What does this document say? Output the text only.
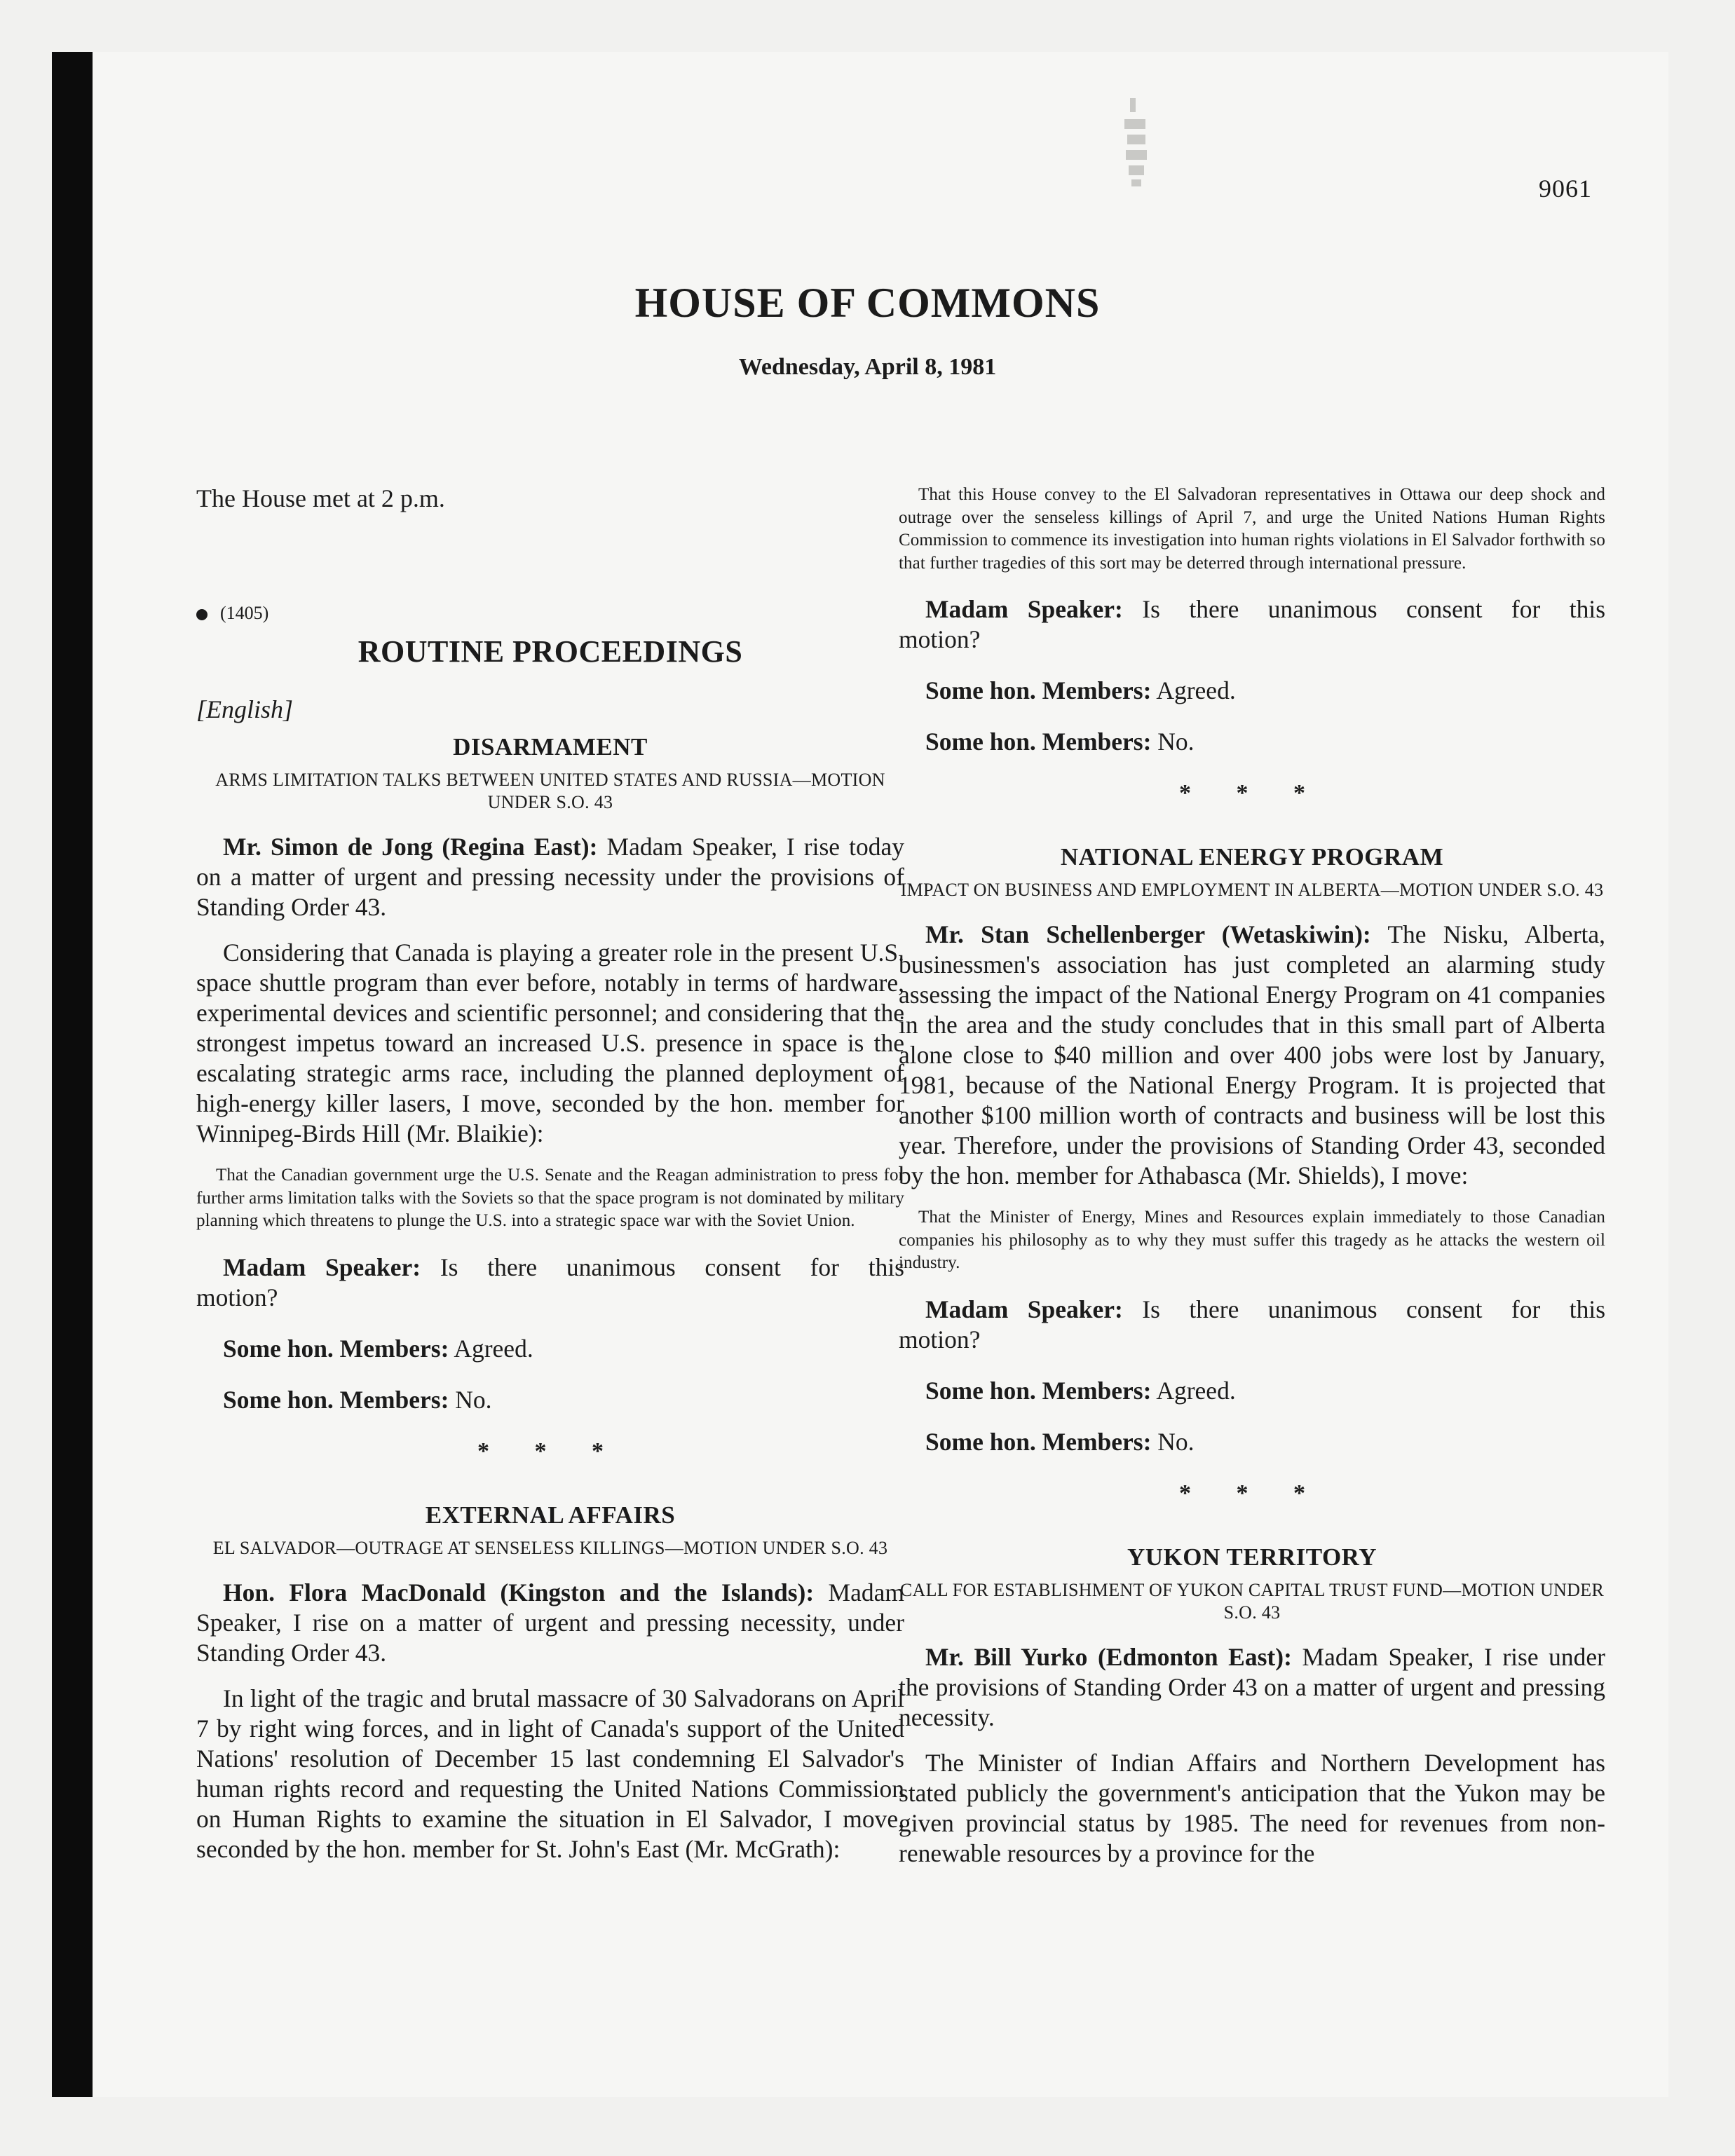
9061
HOUSE OF COMMONS
Wednesday, April 8, 1981

The House met at 2 p.m.

(1405)
ROUTINE PROCEEDINGS
[English]
DISARMAMENT
ARMS LIMITATION TALKS BETWEEN UNITED STATES AND RUSSIA—MOTION UNDER S.O. 43

Mr. Simon de Jong (Regina East): Madam Speaker, I rise today on a matter of urgent and pressing necessity under the provisions of Standing Order 43.

Considering that Canada is playing a greater role in the present U.S. space shuttle program than ever before, notably in terms of hardware, experimental devices and scientific personnel; and considering that the strongest impetus toward an increased U.S. presence in space is the escalating strategic arms race, including the planned deployment of high-energy killer lasers, I move, seconded by the hon. member for Winnipeg-Birds Hill (Mr. Blaikie):

That the Canadian government urge the U.S. Senate and the Reagan administration to press for further arms limitation talks with the Soviets so that the space program is not dominated by military planning which threatens to plunge the U.S. into a strategic space war with the Soviet Union.

Madam Speaker: Is there unanimous consent for this motion?

Some hon. Members: Agreed.

Some hon. Members: No.

* * *
EXTERNAL AFFAIRS
EL SALVADOR—OUTRAGE AT SENSELESS KILLINGS—MOTION UNDER S.O. 43

Hon. Flora MacDonald (Kingston and the Islands): Madam Speaker, I rise on a matter of urgent and pressing necessity, under Standing Order 43.

In light of the tragic and brutal massacre of 30 Salvadorans on April 7 by right wing forces, and in light of Canada's support of the United Nations' resolution of December 15 last condemning El Salvador's human rights record and requesting the United Nations Commission on Human Rights to examine the situation in El Salvador, I move, seconded by the hon. member for St. John's East (Mr. McGrath):

That this House convey to the El Salvadoran representatives in Ottawa our deep shock and outrage over the senseless killings of April 7, and urge the United Nations Human Rights Commission to commence its investigation into human rights violations in El Salvador forthwith so that further tragedies of this sort may be deterred through international pressure.

Madam Speaker: Is there unanimous consent for this motion?

Some hon. Members: Agreed.

Some hon. Members: No.

* * *
NATIONAL ENERGY PROGRAM
IMPACT ON BUSINESS AND EMPLOYMENT IN ALBERTA—MOTION UNDER S.O. 43

Mr. Stan Schellenberger (Wetaskiwin): The Nisku, Alberta, businessmen's association has just completed an alarming study assessing the impact of the National Energy Program on 41 companies in the area and the study concludes that in this small part of Alberta alone close to $40 million and over 400 jobs were lost by January, 1981, because of the National Energy Program. It is projected that another $100 million worth of contracts and business will be lost this year. Therefore, under the provisions of Standing Order 43, seconded by the hon. member for Athabasca (Mr. Shields), I move:

That the Minister of Energy, Mines and Resources explain immediately to those Canadian companies his philosophy as to why they must suffer this tragedy as he attacks the western oil industry.

Madam Speaker: Is there unanimous consent for this motion?

Some hon. Members: Agreed.

Some hon. Members: No.

* * *
YUKON TERRITORY
CALL FOR ESTABLISHMENT OF YUKON CAPITAL TRUST FUND—MOTION UNDER S.O. 43

Mr. Bill Yurko (Edmonton East): Madam Speaker, I rise under the provisions of Standing Order 43 on a matter of urgent and pressing necessity.

The Minister of Indian Affairs and Northern Development has stated publicly the government's anticipation that the Yukon may be given provincial status by 1985. The need for revenues from non-renewable resources by a province for the
